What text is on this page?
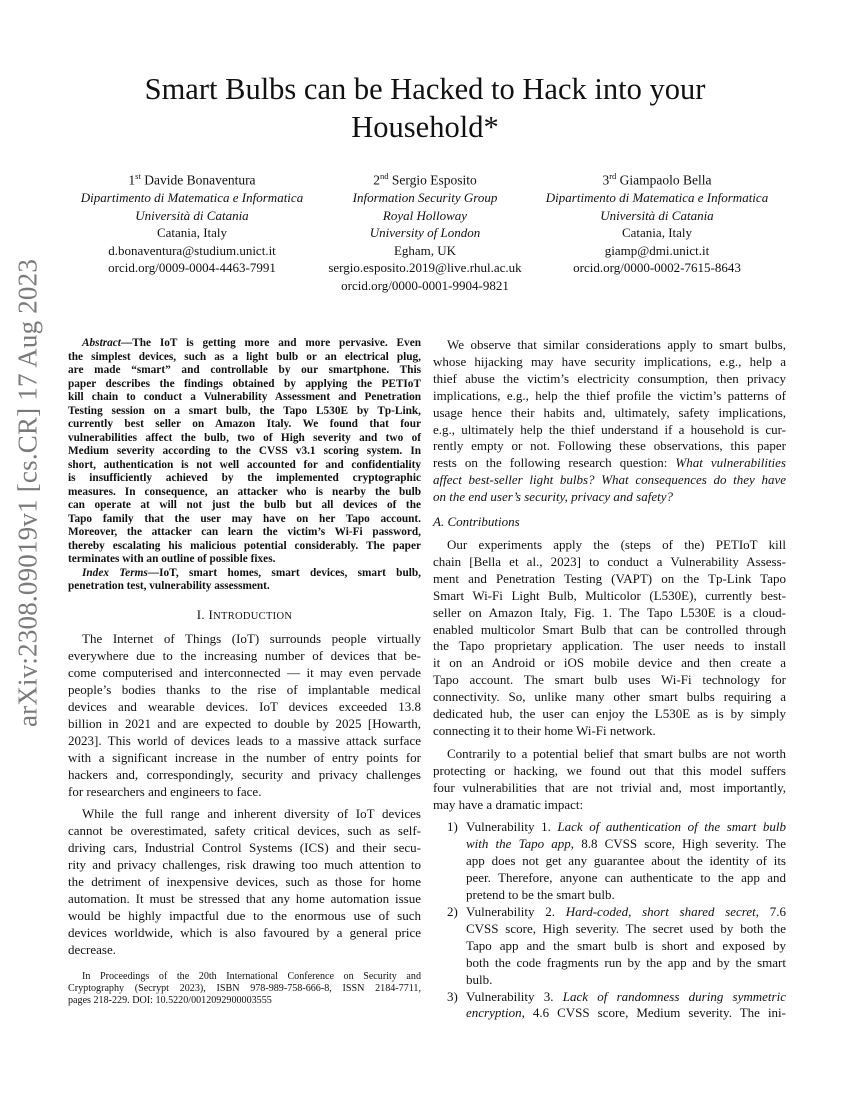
arXiv:2308.09019v1 [cs.CR] 17 Aug 2023
Smart Bulbs can be Hacked to Hack into your
Household*
1st Davide Bonaventura
Dipartimento di Matematica e Informatica
Università di Catania
Catania, Italy
d.bonaventura@studium.unict.it
orcid.org/0009-0004-4463-7991
2nd Sergio Esposito
Information Security Group
Royal Holloway
University of London
Egham, UK
sergio.esposito.2019@live.rhul.ac.uk
orcid.org/0000-0001-9904-9821
3rd Giampaolo Bella
Dipartimento di Matematica e Informatica
Università di Catania
Catania, Italy
giamp@dmi.unict.it
orcid.org/0000-0002-7615-8643
Abstract—The IoT is getting more and more pervasive. Even
the simplest devices, such as a light bulb or an electrical plug,
are made “smart” and controllable by our smartphone. This
paper describes the findings obtained by applying the PETIoT
kill chain to conduct a Vulnerability Assessment and Penetration
Testing session on a smart bulb, the Tapo L530E by Tp-Link,
currently best seller on Amazon Italy. We found that four
vulnerabilities affect the bulb, two of High severity and two of
Medium severity according to the CVSS v3.1 scoring system. In
short, authentication is not well accounted for and confidentiality
is insufficiently achieved by the implemented cryptographic
measures. In consequence, an attacker who is nearby the bulb
can operate at will not just the bulb but all devices of the
Tapo family that the user may have on her Tapo account.
Moreover, the attacker can learn the victim’s Wi-Fi password,
thereby escalating his malicious potential considerably. The paper
terminates with an outline of possible fixes.
Index Terms—IoT, smart homes, smart devices, smart bulb,
penetration test, vulnerability assessment.
I. INTRODUCTION
The Internet of Things (IoT) surrounds people virtually
everywhere due to the increasing number of devices that be-
come computerised and interconnected — it may even pervade
people’s bodies thanks to the rise of implantable medical
devices and wearable devices. IoT devices exceeded 13.8
billion in 2021 and are expected to double by 2025 [Howarth,
2023]. This world of devices leads to a massive attack surface
with a significant increase in the number of entry points for
hackers and, correspondingly, security and privacy challenges
for researchers and engineers to face.
While the full range and inherent diversity of IoT devices
cannot be overestimated, safety critical devices, such as self-
driving cars, Industrial Control Systems (ICS) and their secu-
rity and privacy challenges, risk drawing too much attention to
the detriment of inexpensive devices, such as those for home
automation. It must be stressed that any home automation issue
would be highly impactful due to the enormous use of such
devices worldwide, which is also favoured by a general price
decrease.
In Proceedings of the 20th International Conference on Security and
Cryptography (Secrypt 2023), ISBN 978-989-758-666-8, ISSN 2184-7711,
pages 218-229. DOI: 10.5220/0012092900003555
We observe that similar considerations apply to smart bulbs,
whose hijacking may have security implications, e.g., help a
thief abuse the victim’s electricity consumption, then privacy
implications, e.g., help the thief profile the victim’s patterns of
usage hence their habits and, ultimately, safety implications,
e.g., ultimately help the thief understand if a household is cur-
rently empty or not. Following these observations, this paper
rests on the following research question: What vulnerabilities
affect best-seller light bulbs? What consequences do they have
on the end user’s security, privacy and safety?
A. Contributions
Our experiments apply the (steps of the) PETIoT kill
chain [Bella et al., 2023] to conduct a Vulnerability Assess-
ment and Penetration Testing (VAPT) on the Tp-Link Tapo
Smart Wi-Fi Light Bulb, Multicolor (L530E), currently best-
seller on Amazon Italy, Fig. 1. The Tapo L530E is a cloud-
enabled multicolor Smart Bulb that can be controlled through
the Tapo proprietary application. The user needs to install
it on an Android or iOS mobile device and then create a
Tapo account. The smart bulb uses Wi-Fi technology for
connectivity. So, unlike many other smart bulbs requiring a
dedicated hub, the user can enjoy the L530E as is by simply
connecting it to their home Wi-Fi network.
Contrarily to a potential belief that smart bulbs are not worth
protecting or hacking, we found out that this model suffers
four vulnerabilities that are not trivial and, most importantly,
may have a dramatic impact:
1) Vulnerability 1. Lack of authentication of the smart bulb
with the Tapo app, 8.8 CVSS score, High severity. The
app does not get any guarantee about the identity of its
peer. Therefore, anyone can authenticate to the app and
pretend to be the smart bulb.
2) Vulnerability 2. Hard-coded, short shared secret, 7.6
CVSS score, High severity. The secret used by both the
Tapo app and the smart bulb is short and exposed by
both the code fragments run by the app and by the smart
bulb.
3) Vulnerability 3. Lack of randomness during symmetric
encryption, 4.6 CVSS score, Medium severity. The ini-
